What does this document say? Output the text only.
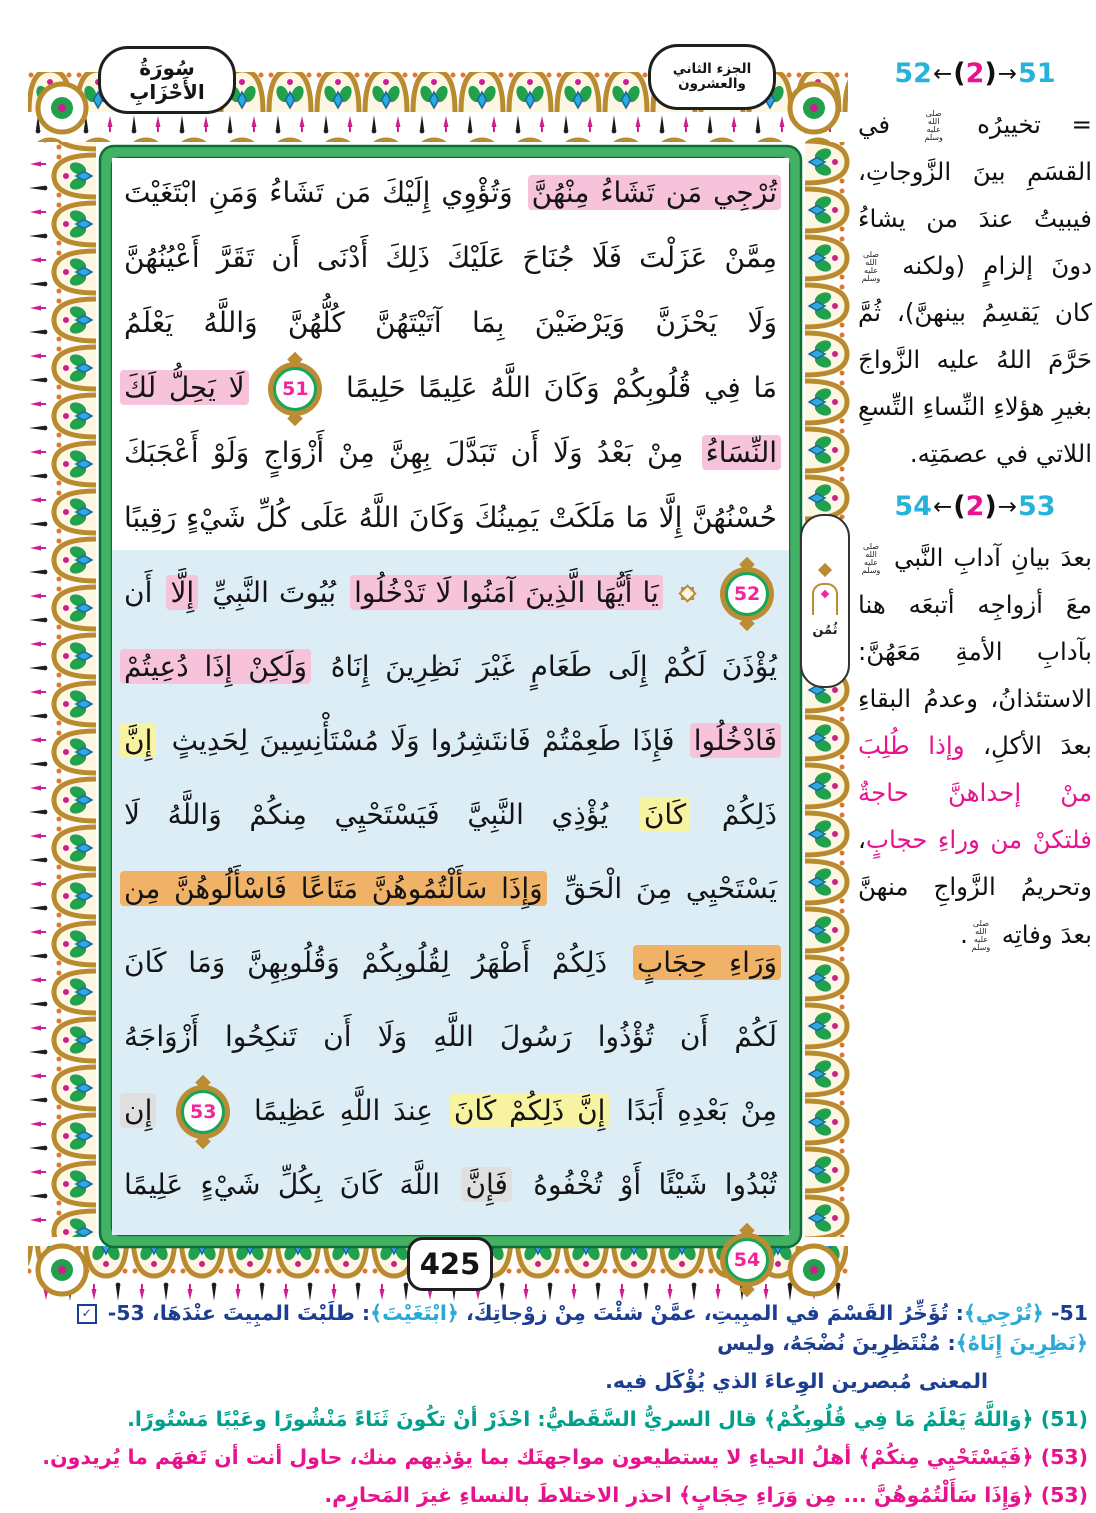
سُورَةُ الأَحْزَابِ
الجزء الثاني والعشرون
تُرْجِي مَن تَشَاءُ مِنْهُنَّ وَتُؤْوِي إِلَيْكَ مَن تَشَاءُ وَمَنِ ابْتَغَيْتَ
مِمَّنْ عَزَلْتَ فَلَا جُنَاحَ عَلَيْكَ ذَلِكَ أَدْنَى أَن تَقَرَّ أَعْيُنُهُنَّ
وَلَا يَحْزَنَّ وَيَرْضَيْنَ بِمَا آتَيْتَهُنَّ كُلُّهُنَّ وَاللَّهُ يَعْلَمُ
مَا فِي قُلُوبِكُمْ وَكَانَ اللَّهُ عَلِيمًا حَلِيمًا 51 لَا يَحِلُّ لَكَ
النِّسَاءُ مِنْ بَعْدُ وَلَا أَن تَبَدَّلَ بِهِنَّ مِنْ أَزْوَاجٍ وَلَوْ أَعْجَبَكَ
حُسْنُهُنَّ إِلَّا مَا مَلَكَتْ يَمِينُكَ وَكَانَ اللَّهُ عَلَى كُلِّ شَيْءٍ رَقِيبًا
52
يَا أَيُّهَا الَّذِينَ آمَنُوا لَا تَدْخُلُوا بُيُوتَ النَّبِيِّ إِلَّا أَن
يُؤْذَنَ لَكُمْ إِلَى طَعَامٍ غَيْرَ نَظِرِينَ إِنَاهُ وَلَكِنْ إِذَا دُعِيتُمْ
فَادْخُلُوا فَإِذَا طَعِمْتُمْ فَانتَشِرُوا وَلَا مُسْتَأْنِسِينَ لِحَدِيثٍ إِنَّ
ذَلِكُمْ كَانَ يُؤْذِي النَّبِيَّ فَيَسْتَحْيِي مِنكُمْ وَاللَّهُ لَا
يَسْتَحْيِي مِنَ الْحَقِّ وَإِذَا سَأَلْتُمُوهُنَّ مَتَاعًا فَاسْأَلُوهُنَّ مِن
وَرَاءِ حِجَابٍ ذَلِكُمْ أَطْهَرُ لِقُلُوبِكُمْ وَقُلُوبِهِنَّ وَمَا كَانَ
لَكُمْ أَن تُؤْذُوا رَسُولَ اللَّهِ وَلَا أَن تَنكِحُوا أَزْوَاجَهُ
مِنْ بَعْدِهِ أَبَدًا إِنَّ ذَلِكُمْ كَانَ عِندَ اللَّهِ عَظِيمًا 53 إِن
تُبْدُوا شَيْئًا أَوْ تُخْفُوهُ فَإِنَّ اللَّهَ كَانَ بِكُلِّ شَيْءٍ عَلِيمًا 54
ثُمُن
425
52 ← ( 2 ) → 51
= تخييرُه صلى الله عليه وسلم في القسَمِ بينَ الزَّوجاتِ، فيبيتُ عندَ من يشاءُ دونَ إلزامٍ (ولكنه صلى الله عليه وسلم كان يَقسِمُ بينهنَّ)، ثُمَّ حَرَّمَ اللهُ عليه الزَّواجَ بغيرِ هؤلاءِ النِّساءِ التِّسعِ اللاتي في عصمَتِه.
54 ← ( 2 ) → 53
بعدَ بيانِ آدابِ النَّبي صلى الله عليه وسلم معَ أزواجِه أتبعَه هنا بآدابِ الأمةِ مَعَهُنَّ: الاستئذانُ، وعدمُ البقاءِ بعدَ الأكلِ، وإذا طُلِبَ منْ إحداهنَّ حاجةٌ فلتكنْ من وراءِ حجابٍ، وتحريمُ الزَّواجِ منهنَّ بعدَ وفاتِه صلى الله عليه وسلم.
51- ﴿تُرْجِي﴾: تُؤَخِّرُ القَسْمَ في المبِيتِ، عمَّنْ شئْتَ مِنْ زوْجاتِكَ، ﴿ابْتَغَيْتَ﴾: طلَبْتَ المبِيتَ عنْدَهَا، 53- ✓﴿نَظِرِينَ إِنَاهُ﴾: مُنْتَظِرِينَ نُضْجَهُ، وليس
المعنى مُبصرين الوِعاءَ الذي يُؤْكَل فيه.
(51) ﴿وَاللَّهُ يَعْلَمُ مَا فِي قُلُوبِكُمْ﴾ قال السريُّ السَّقَطيُّ: احْذَرْ أنْ تكُونَ ثَنَاءً مَنْشُورًا وعَيْبًا مَسْتُورًا.
(53) ﴿فَيَسْتَحْيِي مِنكُمْ﴾ أهلُ الحياءِ لا يستطيعون مواجهتَك بما يؤذيهم منك، حاول أنت أن تَفهَم ما يُريدون.
(53) ﴿وَإِذَا سَأَلْتُمُوهُنَّ ... مِن وَرَاءِ حِجَابٍ﴾ احذر الاختلاطَ بالنساءِ غيرَ المَحارِم.
